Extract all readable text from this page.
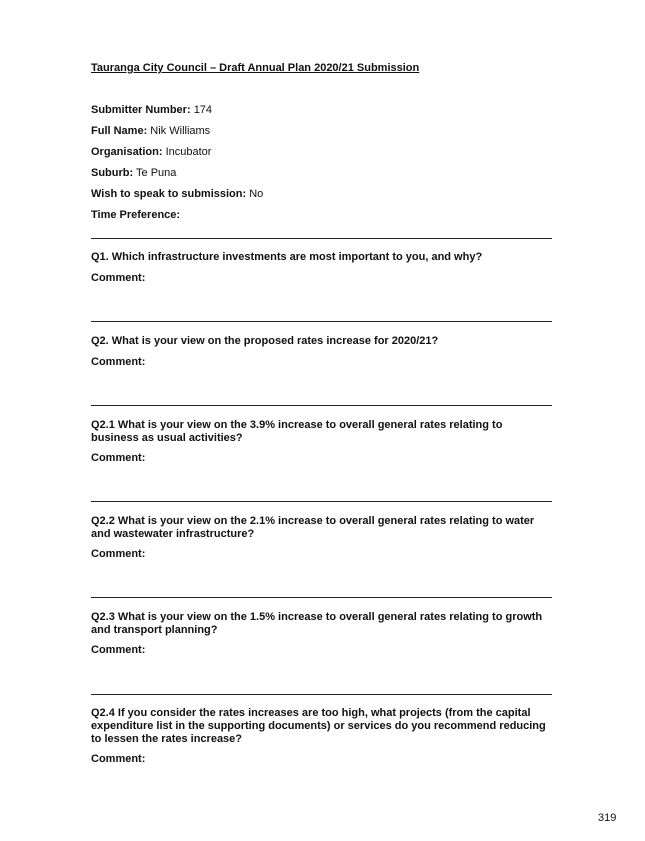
Tauranga City Council – Draft Annual Plan 2020/21 Submission
Submitter Number: 174
Full Name: Nik Williams
Organisation: Incubator
Suburb: Te Puna
Wish to speak to submission: No
Time Preference:
Q1. Which infrastructure investments are most important to you, and why?
Comment:
Q2. What is your view on the proposed rates increase for 2020/21?
Comment:
Q2.1 What is your view on the 3.9% increase to overall general rates relating to business as usual activities?
Comment:
Q2.2 What is your view on the 2.1% increase to overall general rates relating to water and wastewater infrastructure?
Comment:
Q2.3 What is your view on the 1.5% increase to overall general rates relating to growth and transport planning?
Comment:
Q2.4 If you consider the rates increases are too high, what projects (from the capital expenditure list in the supporting documents) or services do you recommend reducing to lessen the rates increase?
Comment:
319
